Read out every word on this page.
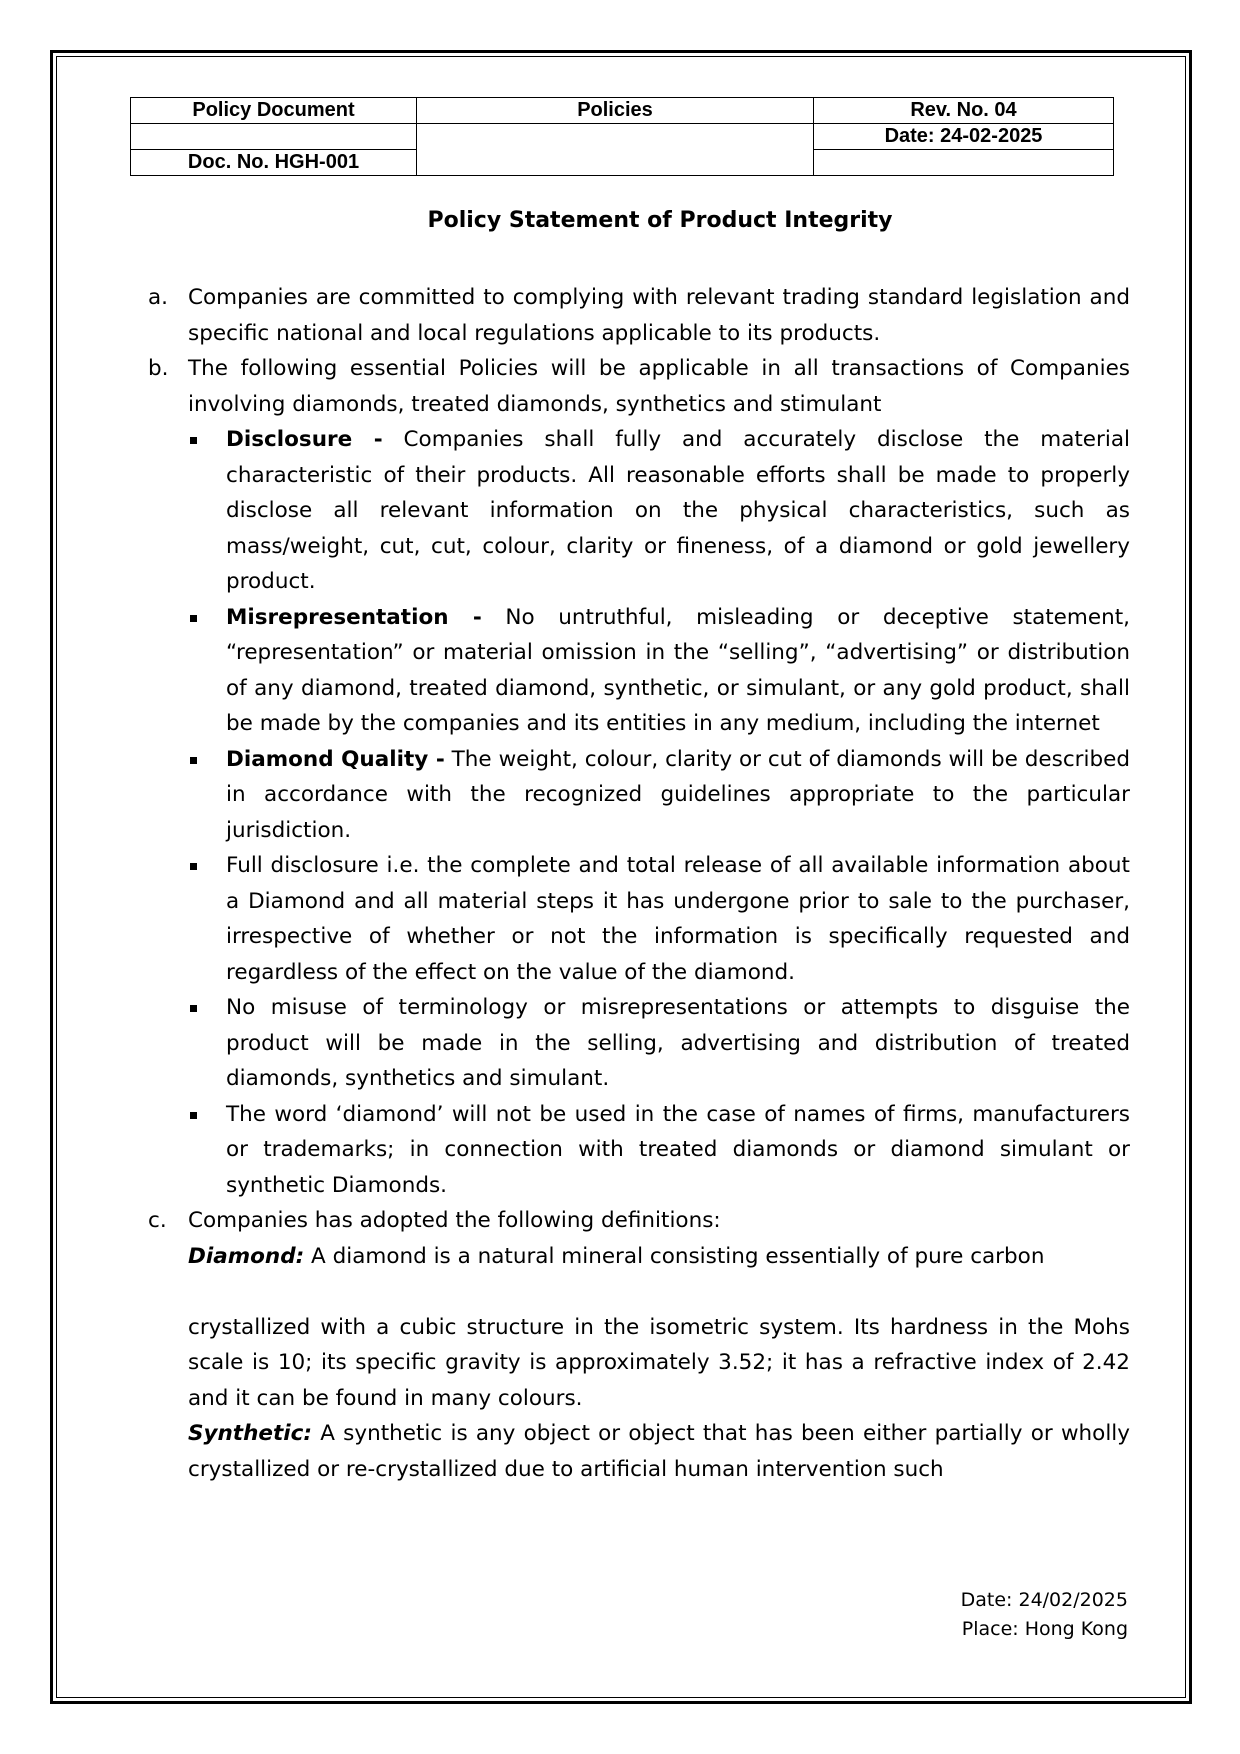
Policy Document	Policies	Rev. No. 04
		Date: 24-02-2025
Doc. No. HGH-001		
Policy Statement of Product Integrity
a. Companies are committed to complying with relevant trading standard legislation and specific national and local regulations applicable to its products.
b. The following essential Policies will be applicable in all transactions of Companies involving diamonds, treated diamonds, synthetics and stimulant
Disclosure - Companies shall fully and accurately disclose the material characteristic of their products. All reasonable efforts shall be made to properly disclose all relevant information on the physical characteristics, such as mass/weight, cut, cut, colour, clarity or fineness, of a diamond or gold jewellery product.
Misrepresentation - No untruthful, misleading or deceptive statement, “representation” or material omission in the “selling”, “advertising” or distribution of any diamond, treated diamond, synthetic, or simulant, or any gold product, shall be made by the companies and its entities in any medium, including the internet
Diamond Quality - The weight, colour, clarity or cut of diamonds will be described in accordance with the recognized guidelines appropriate to the particular jurisdiction.
Full disclosure i.e. the complete and total release of all available information about a Diamond and all material steps it has undergone prior to sale to the purchaser, irrespective of whether or not the information is specifically requested and regardless of the effect on the value of the diamond.
No misuse of terminology or misrepresentations or attempts to disguise the product will be made in the selling, advertising and distribution of treated diamonds, synthetics and simulant.
The word ‘diamond’ will not be used in the case of names of firms, manufacturers or trademarks; in connection with treated diamonds or diamond simulant or synthetic Diamonds.
c. Companies has adopted the following definitions:
Diamond: A diamond is a natural mineral consisting essentially of pure carbon
crystallized with a cubic structure in the isometric system. Its hardness in the Mohs scale is 10; its specific gravity is approximately 3.52; it has a refractive index of 2.42 and it can be found in many colours.
Synthetic: A synthetic is any object or object that has been either partially or wholly crystallized or re-crystallized due to artificial human intervention such
Date: 24/02/2025
Place: Hong Kong
